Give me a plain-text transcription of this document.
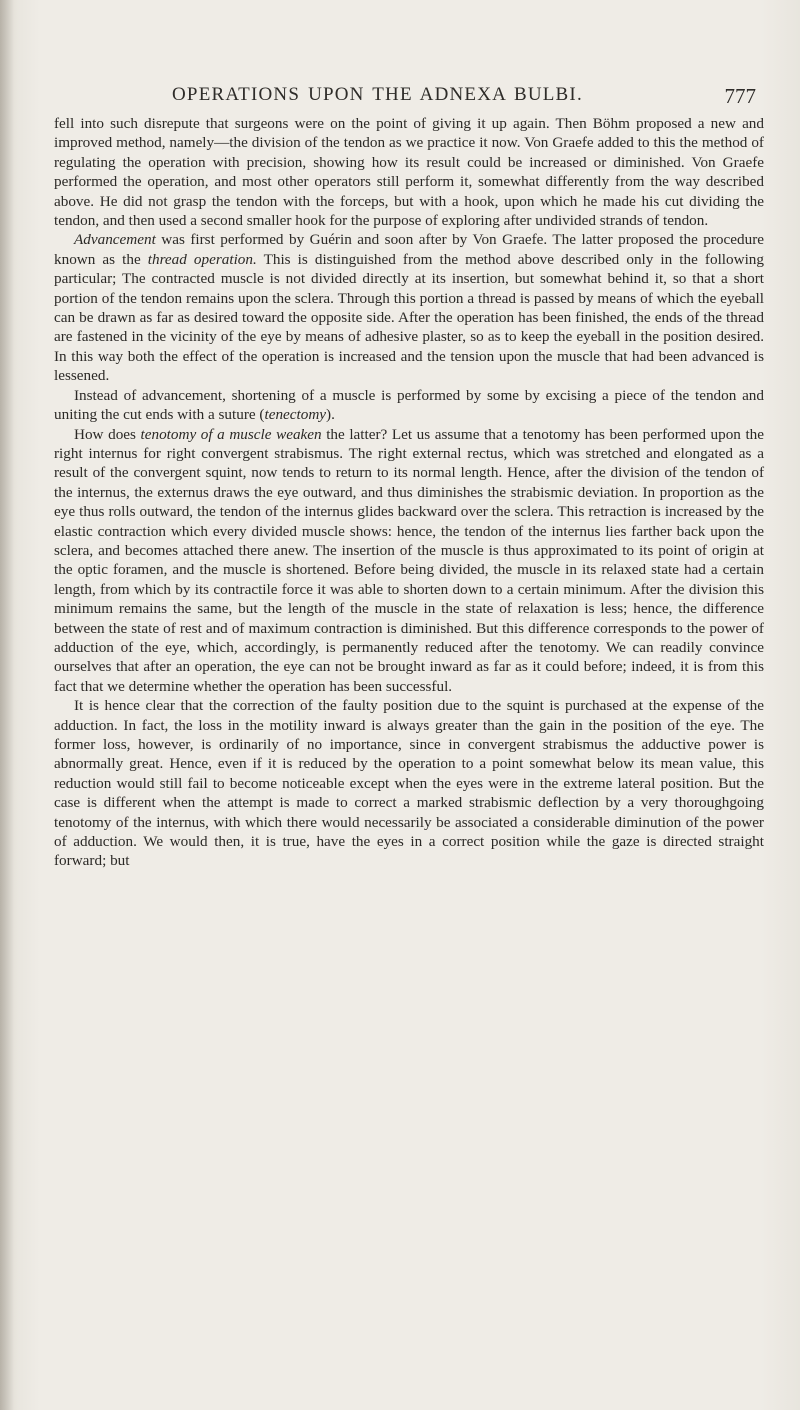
OPERATIONS UPON THE ADNEXA BULBI.	777

fell into such disrepute that surgeons were on the point of giving it up again. Then Böhm proposed a new and improved method, namely—the division of the tendon as we practice it now. Von Graefe added to this the method of regulating the operation with precision, showing how its result could be increased or diminished. Von Graefe performed the operation, and most other operators still perform it, somewhat differently from the way described above. He did not grasp the tendon with the forceps, but with a hook, upon which he made his cut dividing the tendon, and then used a second smaller hook for the purpose of exploring after undivided strands of tendon.

Advancement was first performed by Guérin and soon after by Von Graefe. The latter proposed the procedure known as the thread operation. This is distinguished from the method above described only in the following particular; The contracted muscle is not divided directly at its insertion, but somewhat behind it, so that a short portion of the tendon remains upon the sclera. Through this portion a thread is passed by means of which the eyeball can be drawn as far as desired toward the opposite side. After the operation has been finished, the ends of the thread are fastened in the vicinity of the eye by means of adhesive plaster, so as to keep the eyeball in the position desired. In this way both the effect of the operation is increased and the tension upon the muscle that had been advanced is lessened.

Instead of advancement, shortening of a muscle is performed by some by excising a piece of the tendon and uniting the cut ends with a suture (tenectomy).

How does tenotomy of a muscle weaken the latter? Let us assume that a tenotomy has been performed upon the right internus for right convergent strabismus. The right external rectus, which was stretched and elongated as a result of the convergent squint, now tends to return to its normal length. Hence, after the division of the tendon of the internus, the externus draws the eye outward, and thus diminishes the strabismic deviation. In proportion as the eye thus rolls outward, the tendon of the internus glides backward over the sclera. This retraction is increased by the elastic contraction which every divided muscle shows: hence, the tendon of the internus lies farther back upon the sclera, and becomes attached there anew. The insertion of the muscle is thus approximated to its point of origin at the optic foramen, and the muscle is shortened. Before being divided, the muscle in its relaxed state had a certain length, from which by its contractile force it was able to shorten down to a certain minimum. After the division this minimum remains the same, but the length of the muscle in the state of relaxation is less; hence, the difference between the state of rest and of maximum contraction is diminished. But this difference corresponds to the power of adduction of the eye, which, accordingly, is permanently reduced after the tenotomy. We can readily convince ourselves that after an operation, the eye can not be brought inward as far as it could before; indeed, it is from this fact that we determine whether the operation has been successful.

It is hence clear that the correction of the faulty position due to the squint is purchased at the expense of the adduction. In fact, the loss in the motility inward is always greater than the gain in the position of the eye. The former loss, however, is ordinarily of no importance, since in convergent strabismus the adductive power is abnormally great. Hence, even if it is reduced by the operation to a point somewhat below its mean value, this reduction would still fail to become noticeable except when the eyes were in the extreme lateral position. But the case is different when the attempt is made to correct a marked strabismic deflection by a very thoroughgoing tenotomy of the internus, with which there would necessarily be associated a considerable diminution of the power of adduction. We would then, it is true, have the eyes in a correct position while the gaze is directed straight forward; but
